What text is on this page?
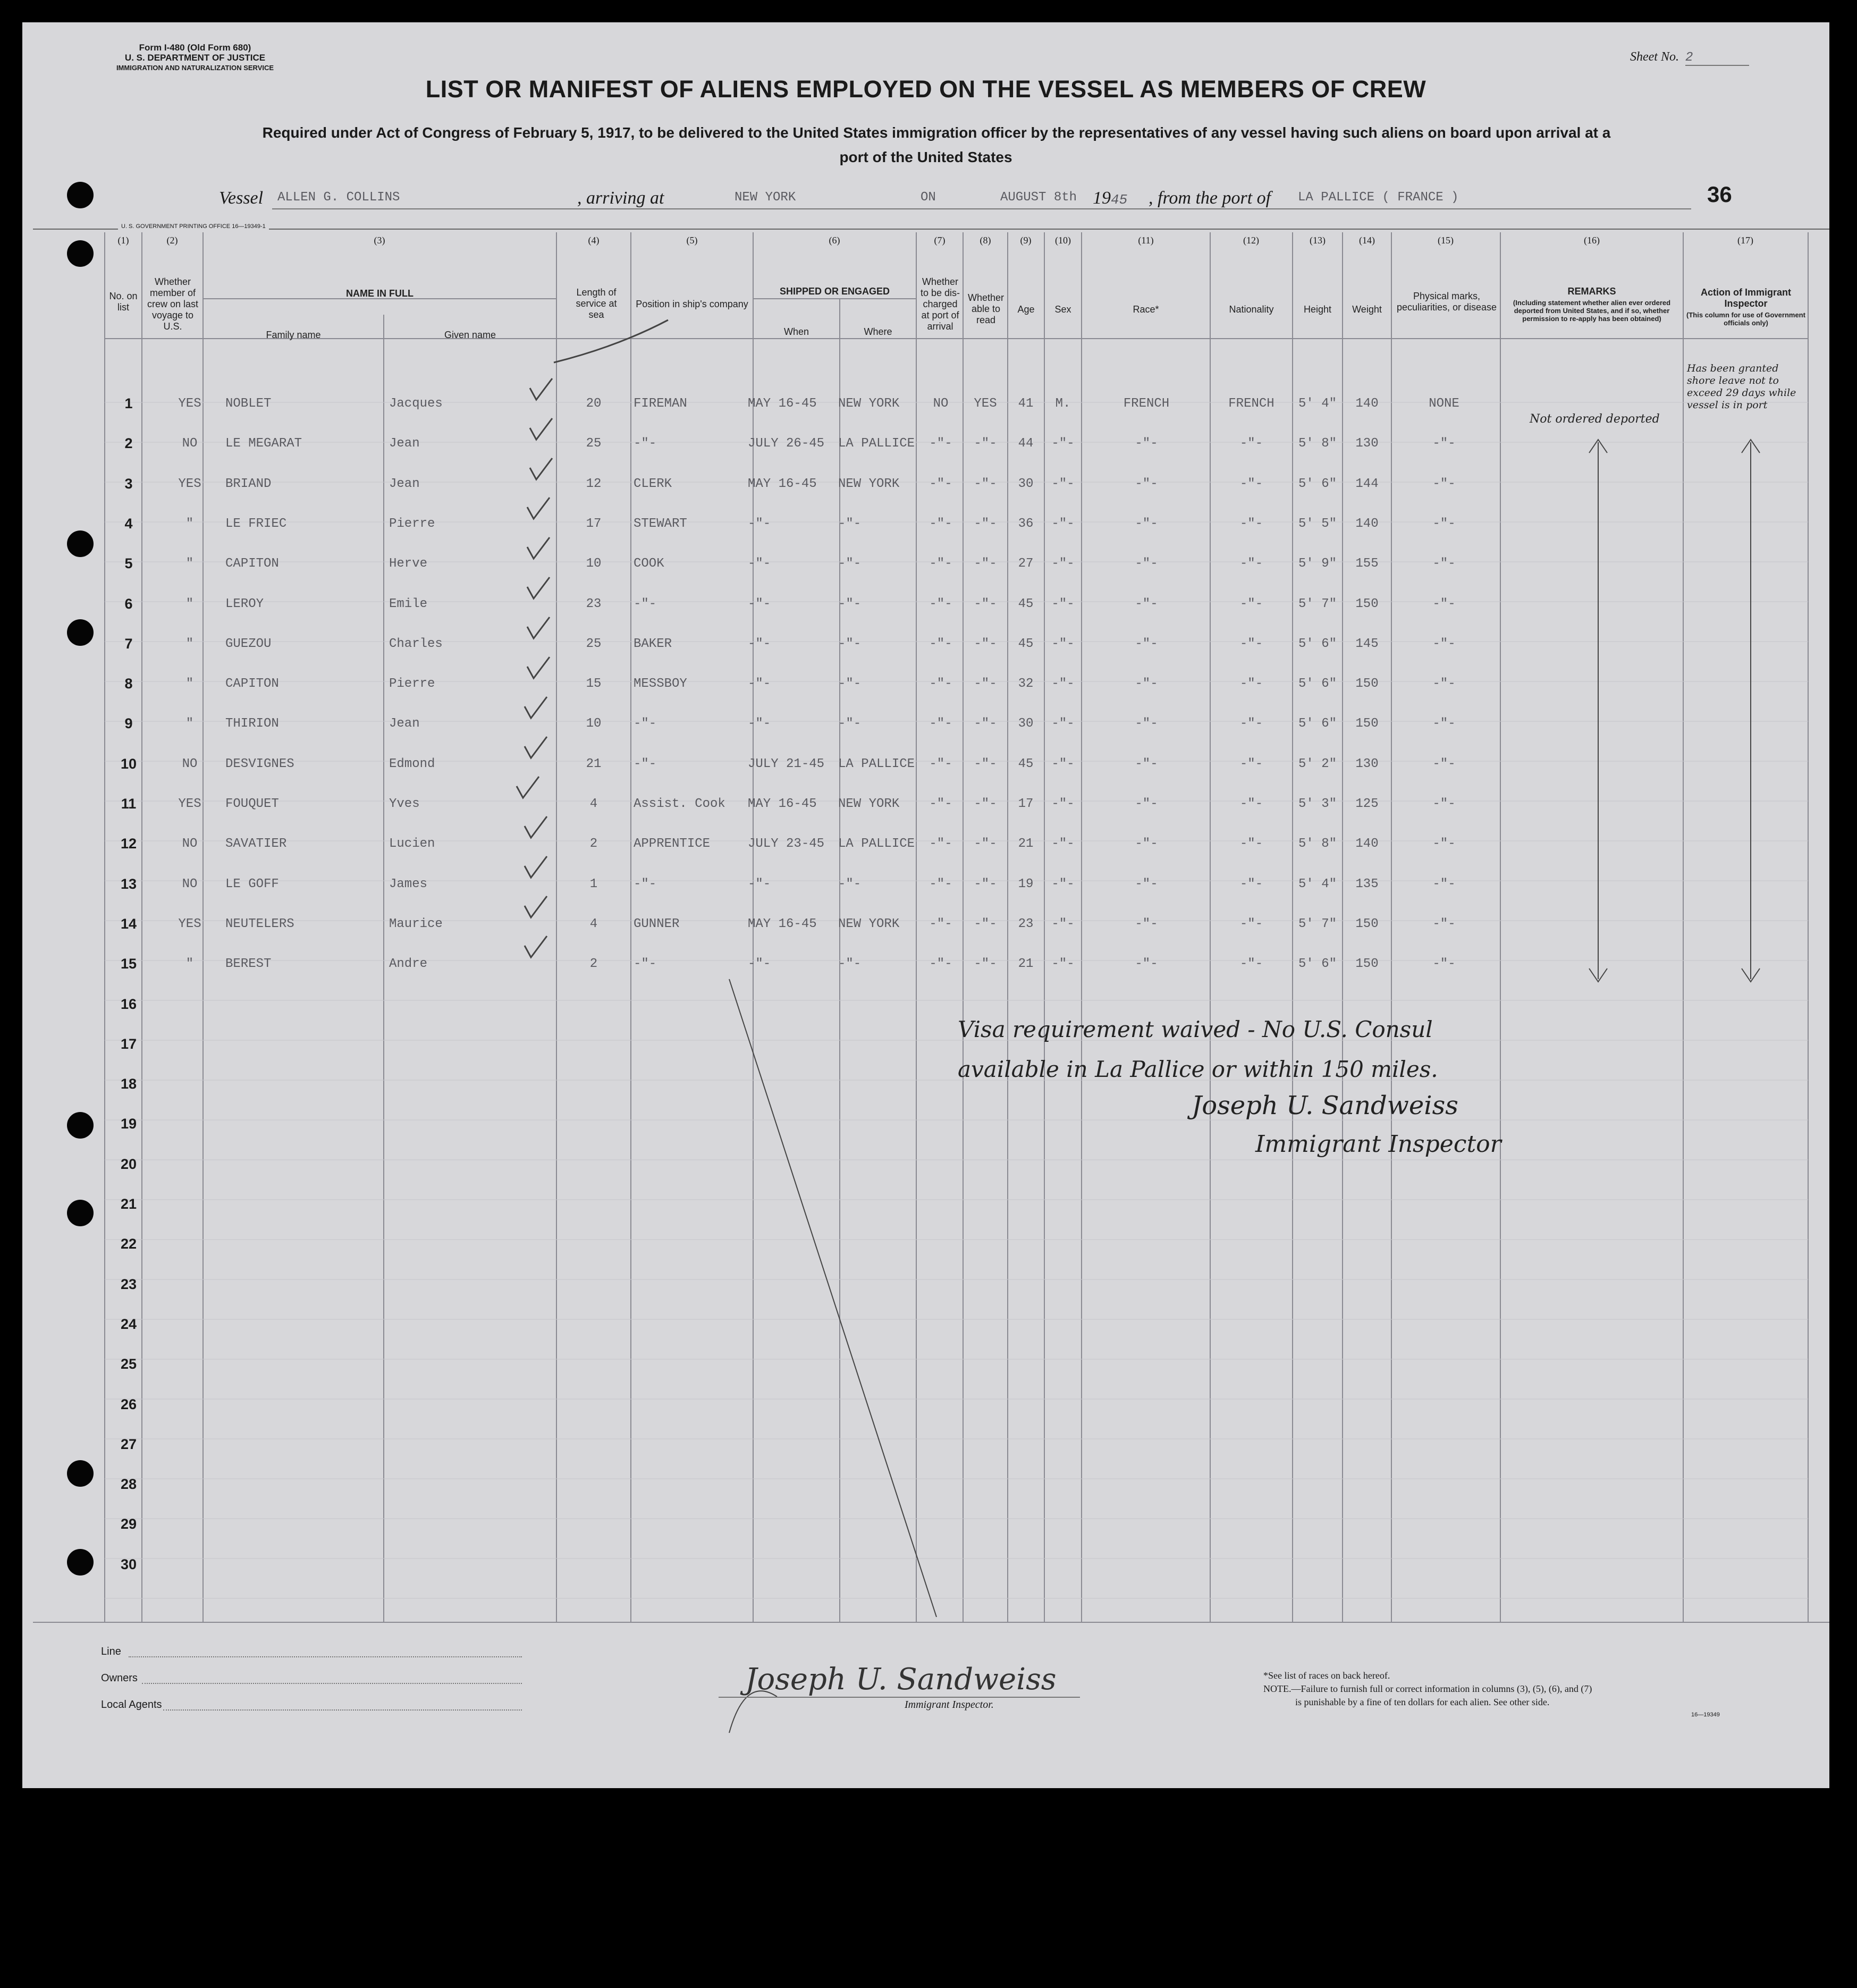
Form I-480 (Old Form 680)
U. S. DEPARTMENT OF JUSTICE
IMMIGRATION AND NATURALIZATION SERVICE
Sheet No. 2
LIST OR MANIFEST OF ALIENS EMPLOYED ON THE VESSEL AS MEMBERS OF CREW
Required under Act of Congress of February 5, 1917, to be delivered to the United States immigration officer by the representatives of any vessel having such aliens on board upon arrival at a
port of the United States
Vessel ALLEN G. COLLINS	, arriving at	NEW YORK	ON	AUGUST 8th 1945 , from the port of LA PALLICE ( FRANCE )	36
U. S. GOVERNMENT PRINTING OFFICE 16—19349-1
(1)	(2)	(3)	(4)	(5)	(6)	(7)	(8)	(9)	(10)	(11)	(12)	(13)	(14)	(15)	(16)	(17)
No. on list
Whether member of crew on last voyage to U.S.
NAME IN FULL
Family name	Given name
Length of service at sea
Position in ship's company
SHIPPED OR ENGAGED
When	Where
Whether to be dis-charged at port of arrival
Whether able to read
Age	Sex	Race*	Nationality	Height	Weight
Physical marks, peculiarities, or disease
REMARKS
(Including statement whether alien ever ordered deported from United States, and if so, whether permission to re-apply has been obtained)
Action of Immigrant Inspector
(This column for use of Government officials only)
1	YES	NOBLET	Jacques	20	FIREMAN	MAY 16-45 NEW YORK	NO	YES	41	M.	FRENCH	FRENCH	5' 4"	140	NONE
2	NO	LE MEGARAT	Jean	25	-"-	JULY 26-45 LA PALLICE	-"-	-"-	44	-"-	-"-	-"-	5' 8"	130	-"-
3	YES	BRIAND	Jean	12	CLERK	MAY 16-45 NEW YORK	-"-	-"-	30	-"-	-"-	-"-	5' 6"	144	-"-
4	"	LE FRIEC	Pierre	17	STEWART	-"-	-"-	-"-	-"-	36	-"-	-"-	-"-	5' 5"	140	-"-
5	"	CAPITON	Herve	10	COOK	-"-	-"-	-"-	-"-	27	-"-	-"-	-"-	5' 9"	155	-"-
6	"	LEROY	Emile	23	-"-	-"-	-"-	-"-	-"-	45	-"-	-"-	-"-	5' 7"	150	-"-
7	"	GUEZOU	Charles	25	BAKER	-"-	-"-	-"-	-"-	45	-"-	-"-	-"-	5' 6"	145	-"-
8	"	CAPITON	Pierre	15	MESSBOY	-"-	-"-	-"-	-"-	32	-"-	-"-	-"-	5' 6"	150	-"-
9	"	THIRION	Jean	10	-"-	-"-	-"-	-"-	-"-	30	-"-	-"-	-"-	5' 6"	150	-"-
10	NO	DESVIGNES	Edmond	21	-"-	JULY 21-45 LA PALLICE	-"-	-"-	45	-"-	-"-	-"-	5' 2"	130	-"-
11	YES	FOUQUET	Yves	4	Assist. Cook MAY 16-45 NEW YORK	-"-	-"-	17	-"-	-"-	-"-	5' 3"	125	-"-
12	NO	SAVATIER	Lucien	2	APPRENTICE	JULY 23-45 LA PALLICE	-"-	-"-	21	-"-	-"-	-"-	5' 8"	140	-"-
13	NO	LE GOFF	James	1	-"-	-"-	-"-	-"-	-"-	19	-"-	-"-	-"-	5' 4"	135	-"-
14	YES	NEUTELERS	Maurice	4	GUNNER	MAY 16-45 NEW YORK	-"-	-"-	23	-"-	-"-	-"-	5' 7"	150	-"-
15	"	BEREST	Andre	2	-"-	-"-	-"-	-"-	-"-	21	-"-	-"-	-"-	5' 6"	150	-"-
16
17
18
19
20
21
22
23
24
25
26
27
28
29
30
Not ordered deported
Has been granted shore leave not to exceed 29 days while vessel is in port
Visa requirement waived - No U.S. Consul
available in La Pallice or within 150 miles.
Joseph U. Sandweiss
Immigrant Inspector
Line
Owners
Local Agents
Joseph U. Sandweiss
Immigrant Inspector.
*See list of races on back hereof.
NOTE.—Failure to furnish full or correct information in columns (3), (5), (6), and (7)
is punishable by a fine of ten dollars for each alien. See other side.
16—19349
